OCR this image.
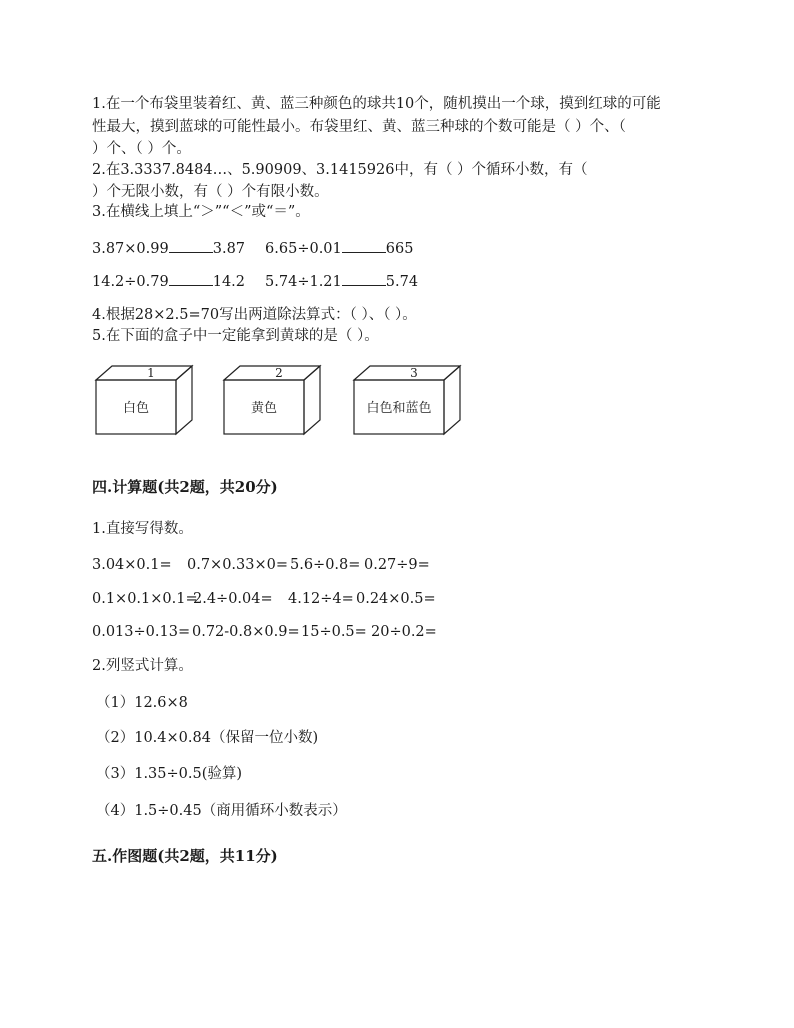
1.在一个布袋里装着红、黄、蓝三种颜色的球共10个，随机摸出一个球，摸到红球的可能
性最大，摸到蓝球的可能性最小。布袋里红、黄、蓝三种球的个数可能是（ ）个、（
）个、（ ）个。
2.在3.3337.8484…、5.90909、3.1415926中，有（ ）个循环小数，有（
）个无限小数，有（ ）个有限小数。
3.在横线上填上“＞”“＜”或“＝”。
3.87×0.99	3.87 6.65÷0.01	665
14.2÷0.79	14.2 5.74÷1.21	5.74
4.根据28×2.5=70写出两道除法算式：（ ）、（ ）。
5.在下面的盒子中一定能拿到黄球的是（ ）。
1
白色
2
黄色
3
白色和蓝色
四.计算题(共2题，共20分)
1.直接写得数。
3.04×0.1= 0.7×0.33×0= 5.6÷0.8= 0.27÷9=
0.1×0.1×0.1=2.4÷0.04= 4.12÷4= 0.24×0.5=
0.013÷0.13= 0.72-0.8×0.9=15÷0.5= 20÷0.2=
2.列竖式计算。
（1）12.6×8
（2）10.4×0.84（保留一位小数)
（3）1.35÷0.5(验算)
（4）1.5÷0.45（商用循环小数表示）
五.作图题(共2题，共11分)
